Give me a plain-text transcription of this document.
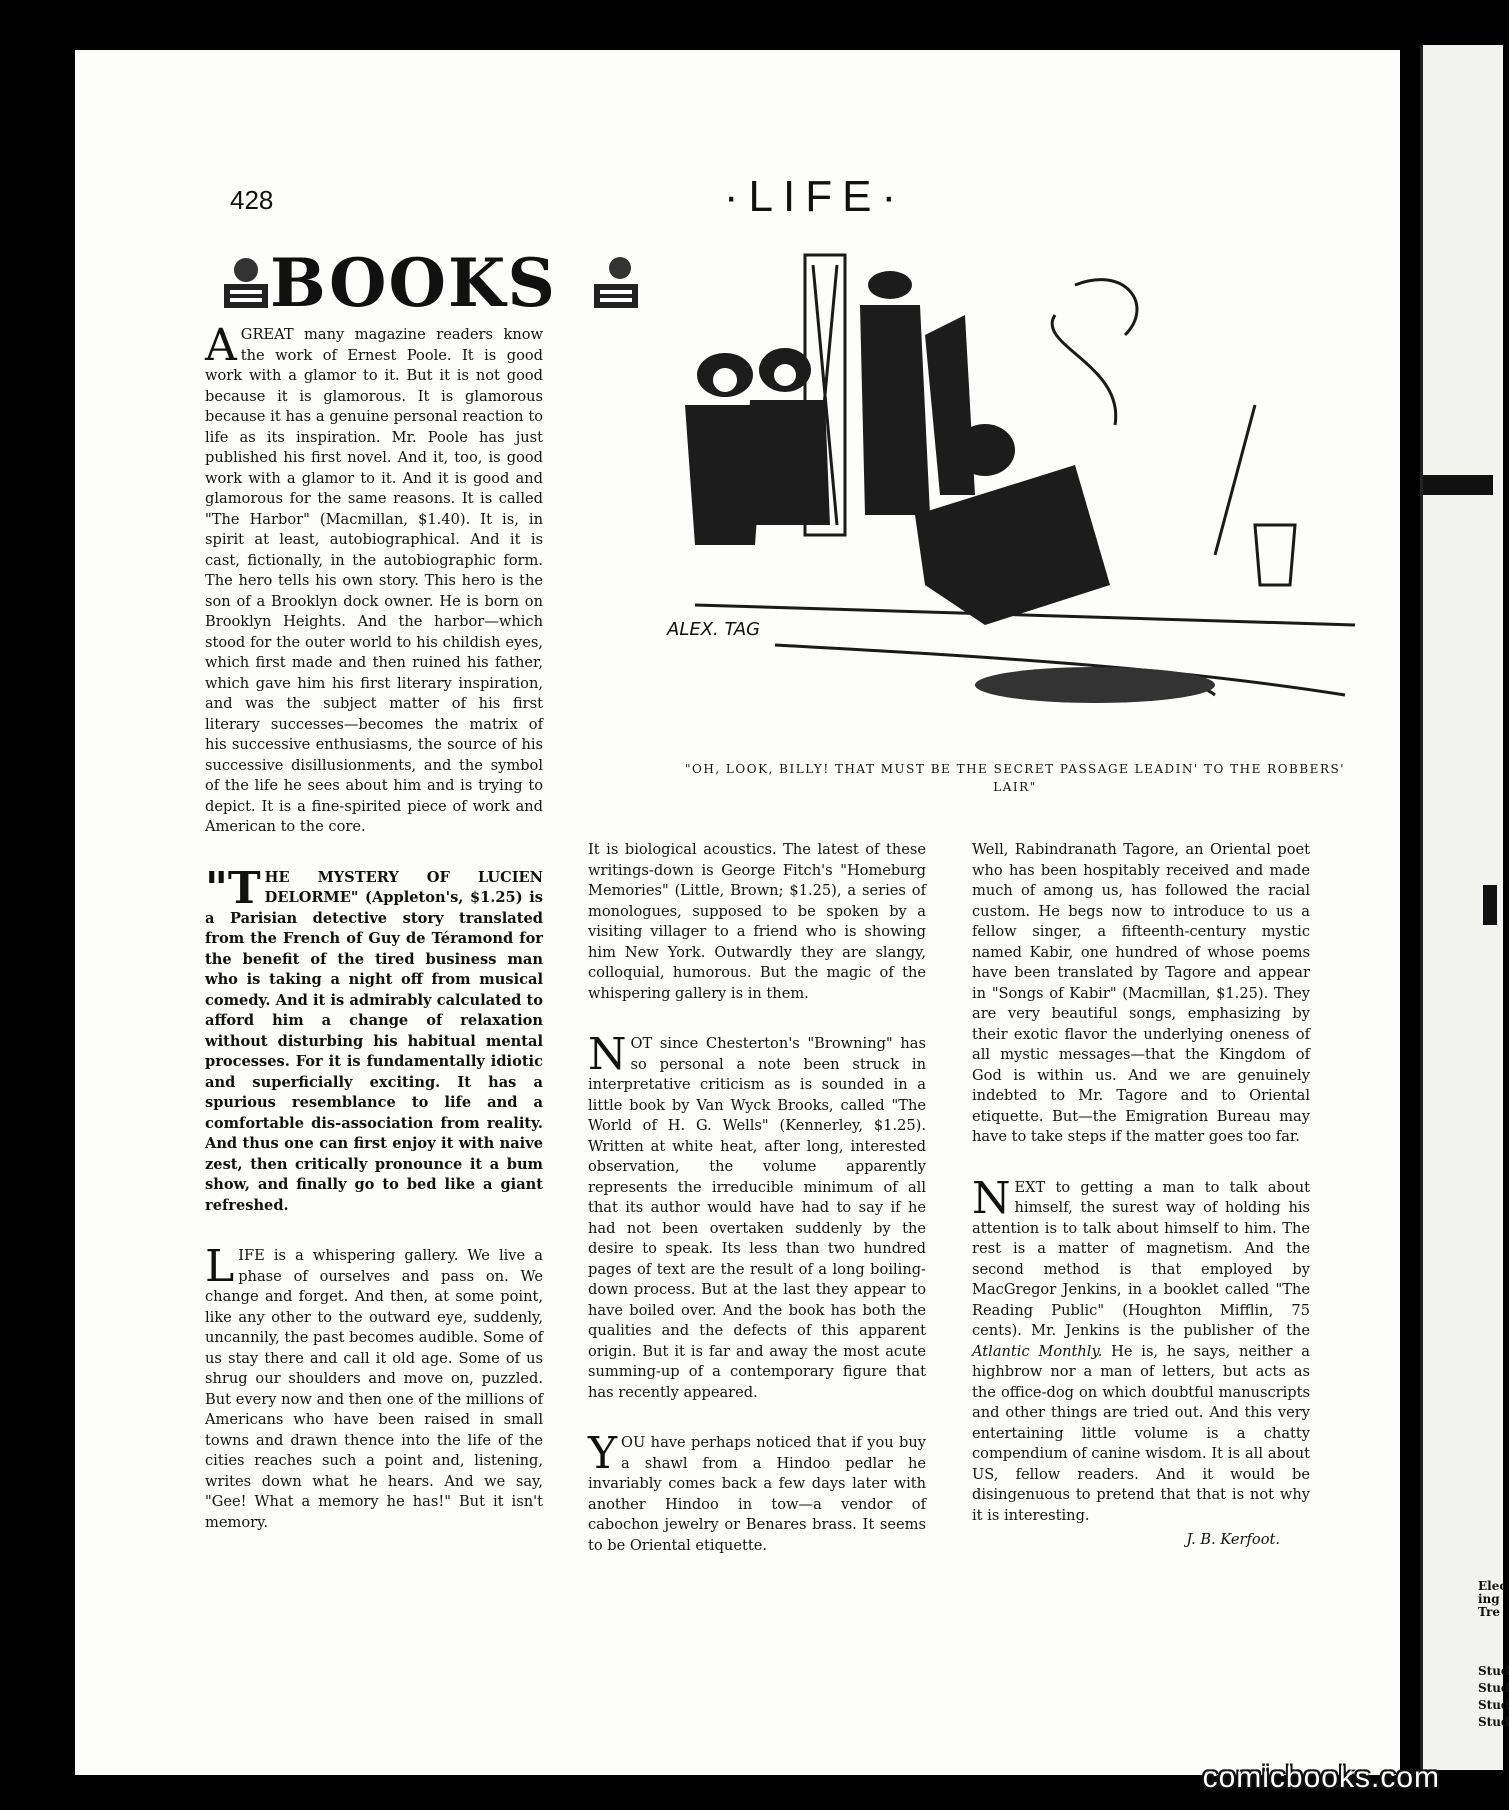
428	·LIFE·
BOOKS
ALEX. TAG
"OH, LOOK, BILLY! THAT MUST BE THE SECRET PASSAGE LEADIN' TO THE ROBBERS' LAIR"

AGREAT many magazine readers know the work of Ernest Poole. It is good work with a glamor to it. But it is not good because it is glamorous. It is glamorous because it has a genuine personal reaction to life as its inspiration. Mr. Poole has just published his first novel. And it, too, is good work with a glamor to it. And it is good and glamorous for the same reasons. It is called "The Harbor" (Macmillan, $1.40). It is, in spirit at least, autobiographical. And it is cast, fictionally, in the autobiographic form. The hero tells his own story. This hero is the son of a Brooklyn dock owner. He is born on Brooklyn Heights. And the harbor—which stood for the outer world to his childish eyes, which first made and then ruined his father, which gave him his first literary inspiration, and was the subject matter of his first literary successes—becomes the matrix of his successive enthusiasms, the source of his successive disillusionments, and the symbol of the life he sees about him and is trying to depict. It is a fine-spirited piece of work and American to the core.

"THE MYSTERY OF LUCIEN DELORME" (Appleton's, $1.25) is a Parisian detective story translated from the French of Guy de Téramond for the benefit of the tired business man who is taking a night off from musical comedy. And it is admirably calculated to afford him a change of relaxation without disturbing his habitual mental processes. For it is fundamentally idiotic and superficially exciting. It has a spurious resemblance to life and a comfortable dis-association from reality. And thus one can first enjoy it with naive zest, then critically pronounce it a bum show, and finally go to bed like a giant refreshed.

LIFE is a whispering gallery. We live a phase of ourselves and pass on. We change and forget. And then, at some point, like any other to the outward eye, suddenly, uncannily, the past becomes audible. Some of us stay there and call it old age. Some of us shrug our shoulders and move on, puzzled. But every now and then one of the millions of Americans who have been raised in small towns and drawn thence into the life of the cities reaches such a point and, listening, writes down what he hears. And we say, "Gee! What a memory he has!" But it isn't memory.

It is biological acoustics. The latest of these writings-down is George Fitch's "Homeburg Memories" (Little, Brown; $1.25), a series of monologues, supposed to be spoken by a visiting villager to a friend who is showing him New York. Outwardly they are slangy, colloquial, humorous. But the magic of the whispering gallery is in them.

NOT since Chesterton's "Browning" has so personal a note been struck in interpretative criticism as is sounded in a little book by Van Wyck Brooks, called "The World of H. G. Wells" (Kennerley, $1.25). Written at white heat, after long, interested observation, the volume apparently represents the irreducible minimum of all that its author would have had to say if he had not been overtaken suddenly by the desire to speak. Its less than two hundred pages of text are the result of a long boiling-down process. But at the last they appear to have boiled over. And the book has both the qualities and the defects of this apparent origin. But it is far and away the most acute summing-up of a contemporary figure that has recently appeared.

YOU have perhaps noticed that if you buy a shawl from a Hindoo pedlar he invariably comes back a few days later with another Hindoo in tow—a vendor of cabochon jewelry or Benares brass. It seems to be Oriental etiquette.

Well, Rabindranath Tagore, an Oriental poet who has been hospitably received and made much of among us, has followed the racial custom. He begs now to introduce to us a fellow singer, a fifteenth-century mystic named Kabir, one hundred of whose poems have been translated by Tagore and appear in "Songs of Kabir" (Macmillan, $1.25). They are very beautiful songs, emphasizing by their exotic flavor the underlying oneness of all mystic messages—that the Kingdom of God is within us. And we are genuinely indebted to Mr. Tagore and to Oriental etiquette. But—the Emigration Bureau may have to take steps if the matter goes too far.

NEXT to getting a man to talk about himself, the surest way of holding his attention is to talk about himself to him. The rest is a matter of magnetism. And the second method is that employed by MacGregor Jenkins, in a booklet called "The Reading Public" (Houghton Mifflin, 75 cents). Mr. Jenkins is the publisher of the Atlantic Monthly. He is, he says, neither a highbrow nor a man of letters, but acts as the office-dog on which doubtful manuscripts and other things are tried out. And this very entertaining little volume is a chatty compendium of canine wisdom. It is all about US, fellow readers. And it would be disingenuous to pretend that that is not why it is interesting.

J. B. Kerfoot.
Elec
ing
Tre
Stud
Stud
Stud
Stud
comicbooks.com
